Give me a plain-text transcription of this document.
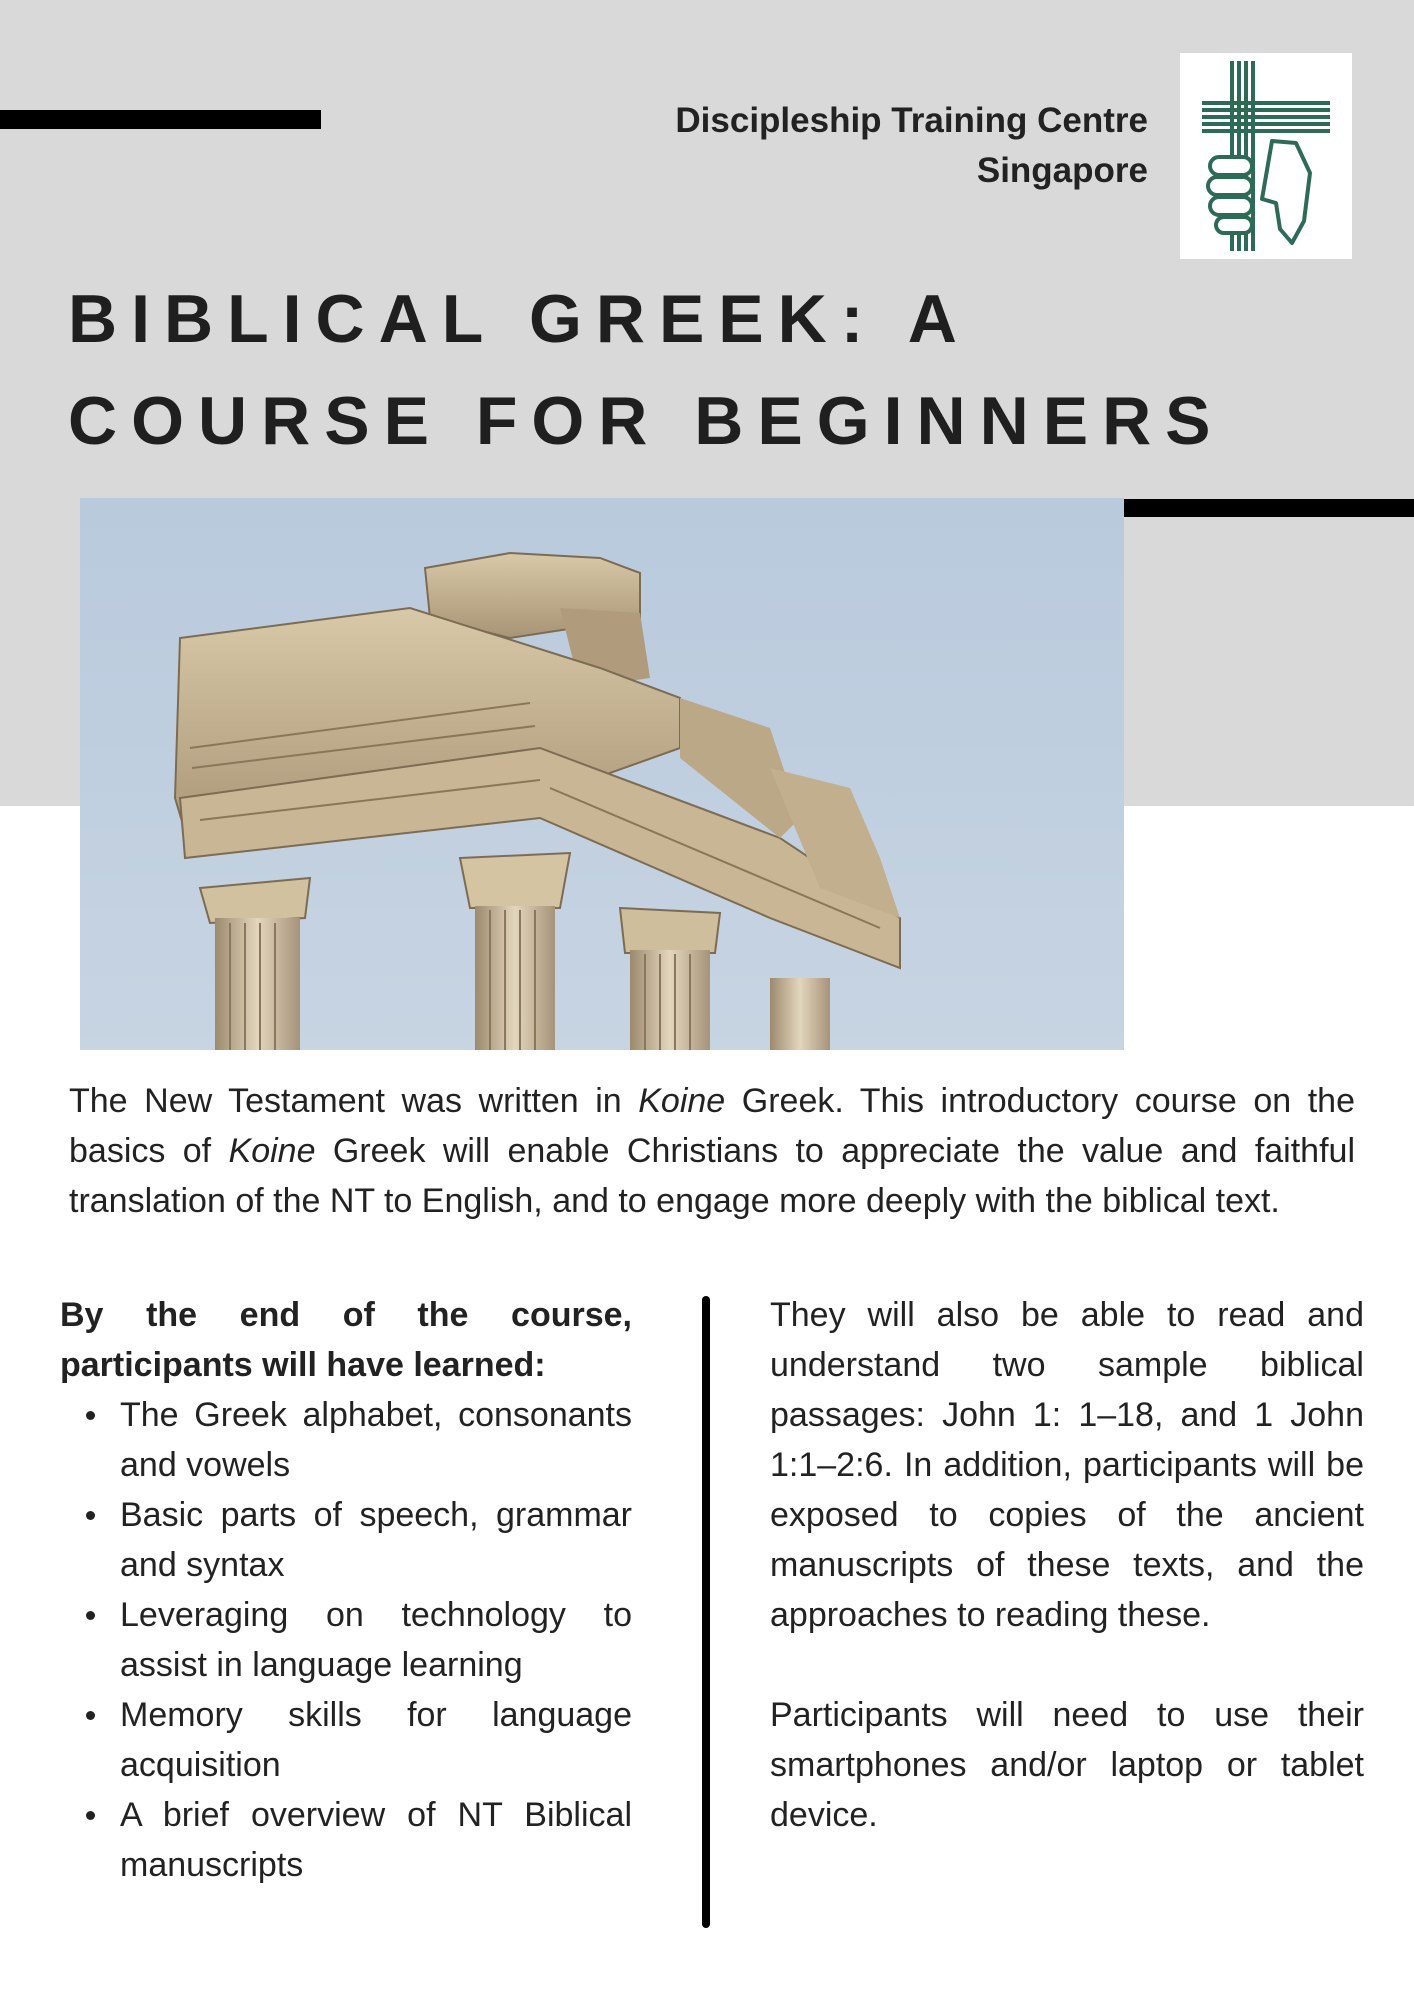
Discipleship Training Centre
Singapore
BIBLICAL GREEK: A
COURSE FOR BEGINNERS

The New Testament was written in Koine Greek. This introductory course on the basics of Koine Greek will enable Christians to appreciate the value and faithful translation of the NT to English, and to engage more deeply with the biblical text.

By the end of the course, participants will have learned:

The Greek alphabet, consonants and vowels
Basic parts of speech, grammar and syntax
Leveraging on technology to assist in language learning
Memory skills for language acquisition
A brief overview of NT Biblical manuscripts

They will also be able to read and understand two sample biblical passages: John 1: 1–18, and 1 John 1:1–2:6. In addition, participants will be exposed to copies of the ancient manuscripts of these texts, and the approaches to reading these.

Participants will need to use their smartphones and/or laptop or tablet device.
